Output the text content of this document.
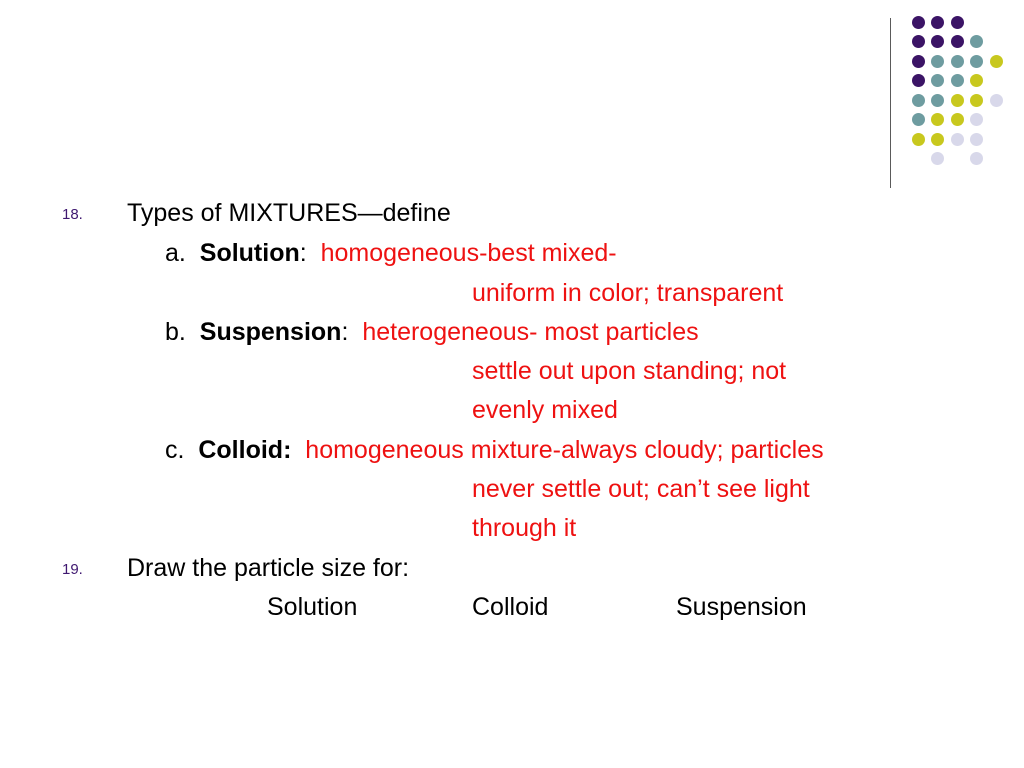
18. Types of MIXTURES—define
a. Solution: homogeneous-best mixed-
uniform in color; transparent
b. Suspension: heterogeneous- most particles
settle out upon standing; not
evenly mixed
c. Colloid: homogeneous mixture-always cloudy; particles
never settle out; can’t see light
through it
19. Draw the particle size for:
Solution	Colloid	Suspension
